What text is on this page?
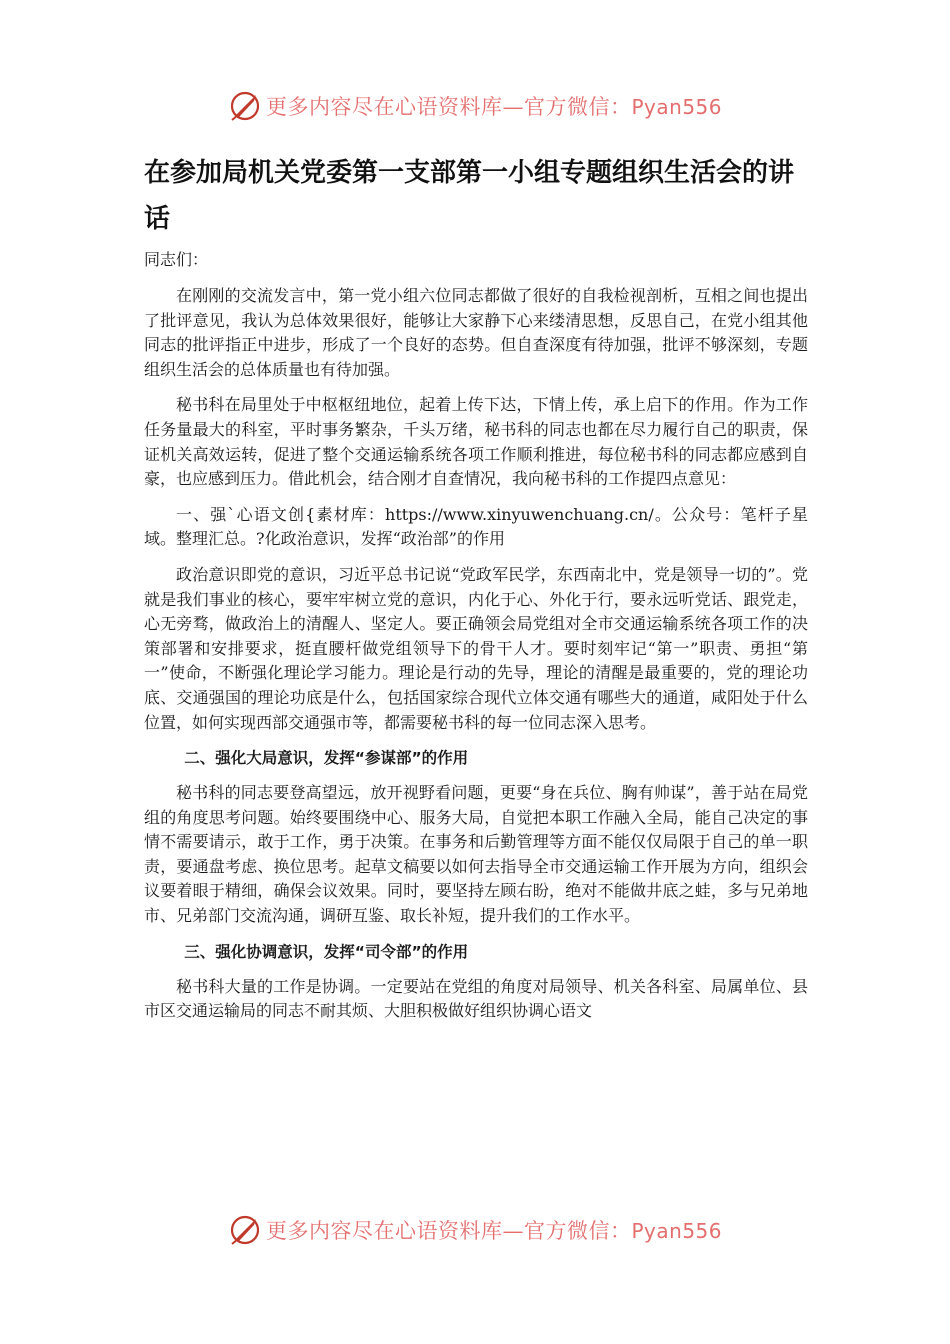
更多内容尽在心语资料库—官方微信：Pyan556
在参加局机关党委第一支部第一小组专题组织生活会的讲话

同志们：

在刚刚的交流发言中，第一党小组六位同志都做了很好的自我检视剖析，互相之间也提出了批评意见，我认为总体效果很好，能够让大家静下心来缕清思想，反思自己，在党小组其他同志的批评指正中进步，形成了一个良好的态势。但自查深度有待加强，批评不够深刻，专题组织生活会的总体质量也有待加强。

秘书科在局里处于中枢枢纽地位，起着上传下达，下情上传，承上启下的作用。作为工作任务量最大的科室，平时事务繁杂，千头万绪，秘书科的同志也都在尽力履行自己的职责，保证机关高效运转，促进了整个交通运输系统各项工作顺利推进，每位秘书科的同志都应感到自豪，也应感到压力。借此机会，结合刚才自查情况，我向秘书科的工作提四点意见：

一、强`心语文创{素材库：https://www.xinyuwenchuang.cn/。公众号：笔杆子星域。整理汇总。?化政治意识，发挥“政治部”的作用

政治意识即党的意识，习近平总书记说“党政军民学，东西南北中，党是领导一切的”。党就是我们事业的核心，要牢牢树立党的意识，内化于心、外化于行，要永远听党话、跟党走，心无旁骛，做政治上的清醒人、坚定人。要正确领会局党组对全市交通运输系统各项工作的决策部署和安排要求，挺直腰杆做党组领导下的骨干人才。要时刻牢记“第一”职责、勇担“第一”使命，不断强化理论学习能力。理论是行动的先导，理论的清醒是最重要的，党的理论功底、交通强国的理论功底是什么，包括国家综合现代立体交通有哪些大的通道，咸阳处于什么位置，如何实现西部交通强市等，都需要秘书科的每一位同志深入思考。

二、强化大局意识，发挥“参谋部”的作用

秘书科的同志要登高望远，放开视野看问题，更要“身在兵位、胸有帅谋”，善于站在局党组的角度思考问题。始终要围绕中心、服务大局，自觉把本职工作融入全局，能自己决定的事情不需要请示，敢于工作，勇于决策。在事务和后勤管理等方面不能仅仅局限于自己的单一职责，要通盘考虑、换位思考。起草文稿要以如何去指导全市交通运输工作开展为方向，组织会议要着眼于精细，确保会议效果。同时，要坚持左顾右盼，绝对不能做井底之蛙，多与兄弟地市、兄弟部门交流沟通，调研互鉴、取长补短，提升我们的工作水平。

三、强化协调意识，发挥“司令部”的作用

秘书科大量的工作是协调。一定要站在党组的角度对局领导、机关各科室、局属单位、县市区交通运输局的同志不耐其烦、大胆积极做好组织协调心语文

更多内容尽在心语资料库—官方微信：Pyan556
